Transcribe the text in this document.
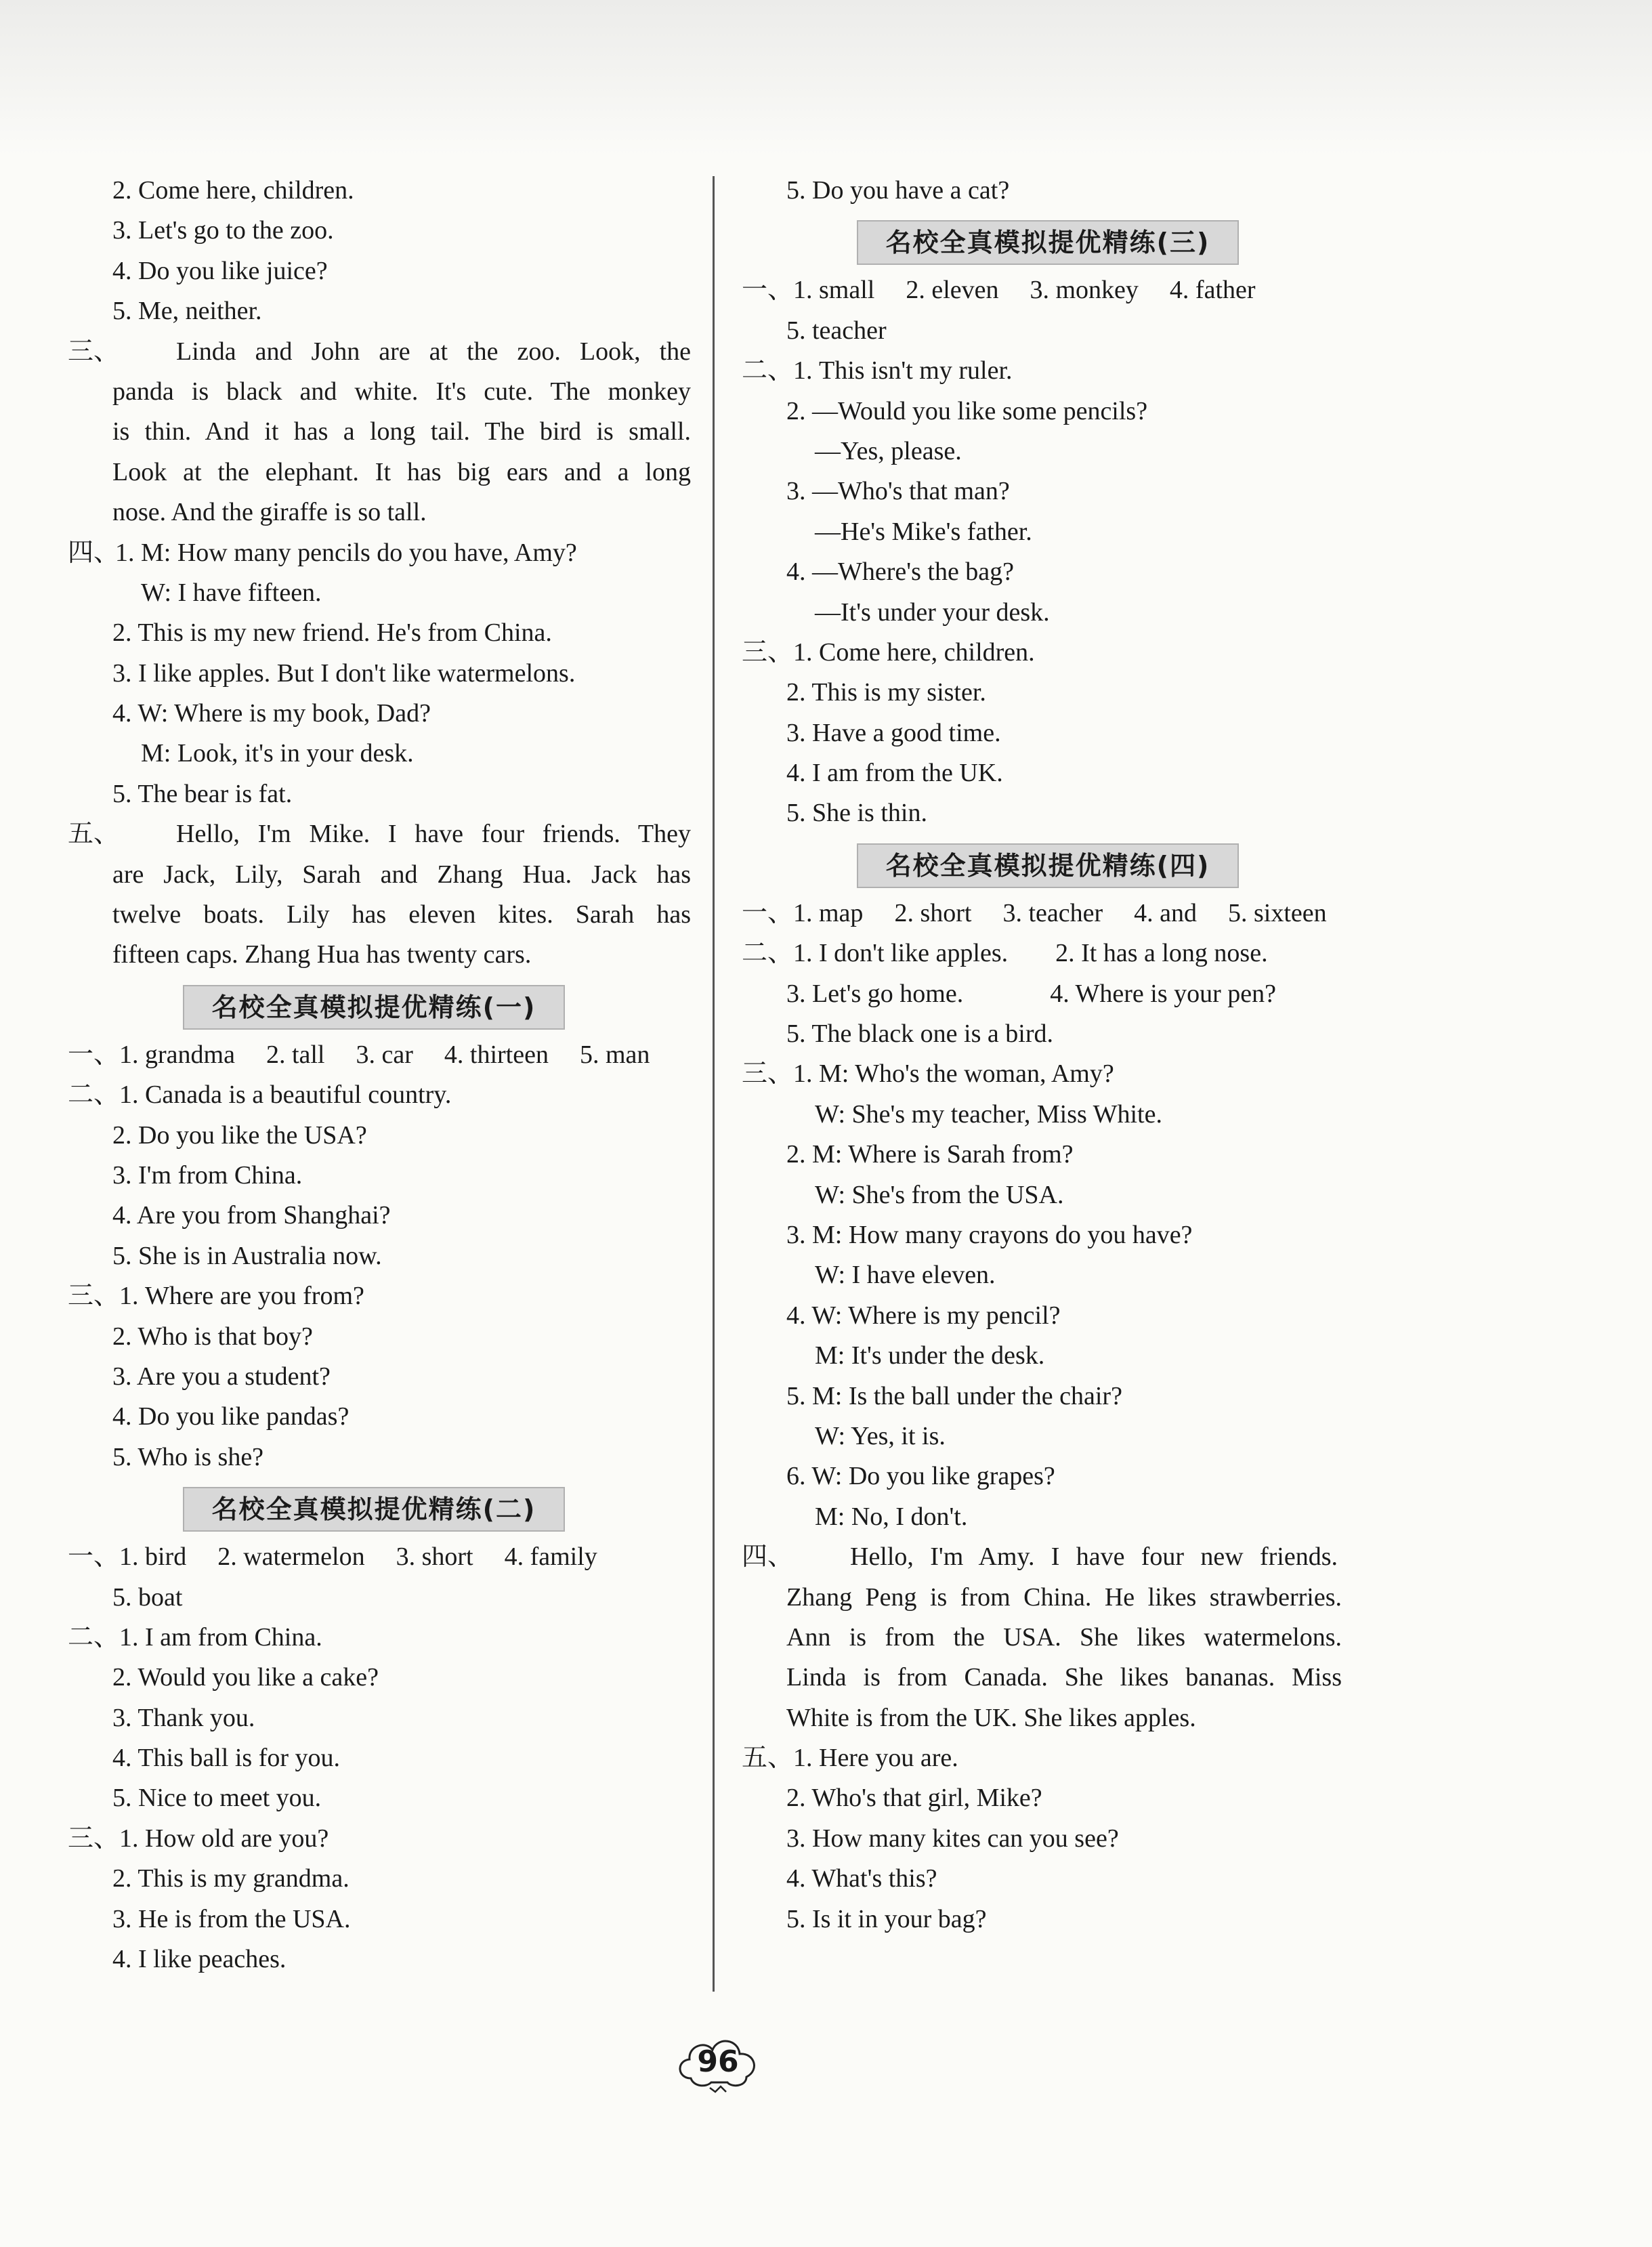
2. Come here, children.
3. Let's go to the zoo.
4. Do you like juice?
5. Me, neither.
三、 Linda and John are at the zoo. Look, the
panda is black and white. It's cute. The monkey
is thin. And it has a long tail. The bird is small.
Look at the elephant. It has big ears and a long
nose. And the giraffe is so tall.
四、
1. M: How many pencils do you have, Amy?
W: I have fifteen.
2. This is my new friend. He's from China.
3. I like apples. But I don't like watermelons.
4. W: Where is my book, Dad?
M: Look, it's in your desk.
5. The bear is fat.
五、 Hello, I'm Mike. I have four friends. They
are Jack, Lily, Sarah and Zhang Hua. Jack has
twelve boats. Lily has eleven kites. Sarah has
fifteen caps. Zhang Hua has twenty cars.
名校全真模拟提优精练(一)
一、1. grandma 2. tall 3. car 4. thirteen 5. man
二、1. Canada is a beautiful country.
2. Do you like the USA?
3. I'm from China.
4. Are you from Shanghai?
5. She is in Australia now.
三、1. Where are you from?
2. Who is that boy?
3. Are you a student?
4. Do you like pandas?
5. Who is she?
名校全真模拟提优精练(二)
一、1. bird 2. watermelon 3. short 4. family
5. boat
二、1. I am from China.
2. Would you like a cake?
3. Thank you.
4. This ball is for you.
5. Nice to meet you.
三、1. How old are you?
2. This is my grandma.
3. He is from the USA.
4. I like peaches.
5. Do you have a cat?
名校全真模拟提优精练(三)
一、1. small 2. eleven 3. monkey 4. father
5. teacher
二、1. This isn't my ruler.
2. —Would you like some pencils?
—Yes, please.
3. —Who's that man?
—He's Mike's father.
4. —Where's the bag?
—It's under your desk.
三、1. Come here, children.
2. This is my sister.
3. Have a good time.
4. I am from the UK.
5. She is thin.
名校全真模拟提优精练(四)
一、1. map 2. short 3. teacher 4. and 5. sixteen
二、1. I don't like apples. 2. It has a long nose.
3. Let's go home.	4. Where is your pen?
5. The black one is a bird.
三、1. M: Who's the woman, Amy?
W: She's my teacher, Miss White.
2. M: Where is Sarah from?
W: She's from the USA.
3. M: How many crayons do you have?
W: I have eleven.
4. W: Where is my pencil?
M: It's under the desk.
5. M: Is the ball under the chair?
W: Yes, it is.
6. W: Do you like grapes?
M: No, I don't.
四、 Hello, I'm Amy. I have four new friends.
Zhang Peng is from China. He likes strawberries.
Ann is from the USA. She likes watermelons.
Linda is from Canada. She likes bananas. Miss
White is from the UK. She likes apples.
五、1. Here you are.
2. Who's that girl, Mike?
3. How many kites can you see?
4. What's this?
5. Is it in your bag?
96
